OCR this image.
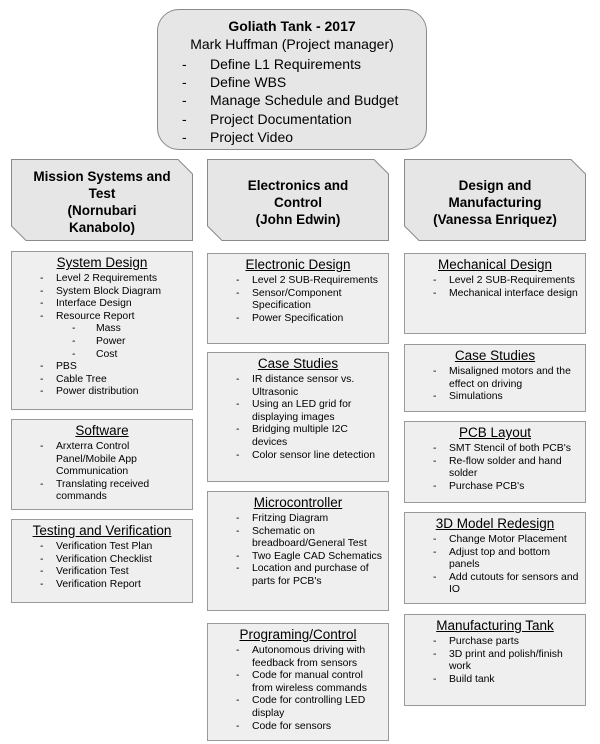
Goliath Tank - 2017
Mark Huffman (Project manager)
- Define L1 Requirements
- Define WBS
- Manage Schedule and Budget
- Project Documentation
- Project Video
Mission Systems and
Test
(Nornubari
Kanabolo)
Electronics and
Control
(John Edwin)
Design and
Manufacturing
(Vanessa Enriquez)
System Design
- Level 2 Requirements
- System Block Diagram
- Interface Design
- Resource Report
- Mass
- Power
- Cost
- PBS
- Cable Tree
- Power distribution
Software
- Arxterra Control Panel/Mobile App Communication
- Translating received commands
Testing and Verification
- Verification Test Plan
- Verification Checklist
- Verification Test
- Verification Report
Electronic Design
- Level 2 SUB-Requirements
- Sensor/Component Specification
- Power Specification
Case Studies
- IR distance sensor vs. Ultrasonic
- Using an LED grid for displaying images
- Bridging multiple I2C devices
- Color sensor line detection
Microcontroller
- Fritzing Diagram
- Schematic on breadboard/General Test
- Two Eagle CAD Schematics
- Location and purchase of parts for PCB's
Programing/Control
- Autonomous driving with feedback from sensors
- Code for manual control from wireless commands
- Code for controlling LED display
- Code for sensors
Mechanical Design
- Level 2 SUB-Requirements
- Mechanical interface design
Case Studies
- Misaligned motors and the effect on driving
- Simulations
PCB Layout
- SMT Stencil of both PCB's
- Re-flow solder and hand solder
- Purchase PCB's
3D Model Redesign
- Change Motor Placement
- Adjust top and bottom panels
- Add cutouts for sensors and IO
Manufacturing Tank
- Purchase parts
- 3D print and polish/finish work
- Build tank
